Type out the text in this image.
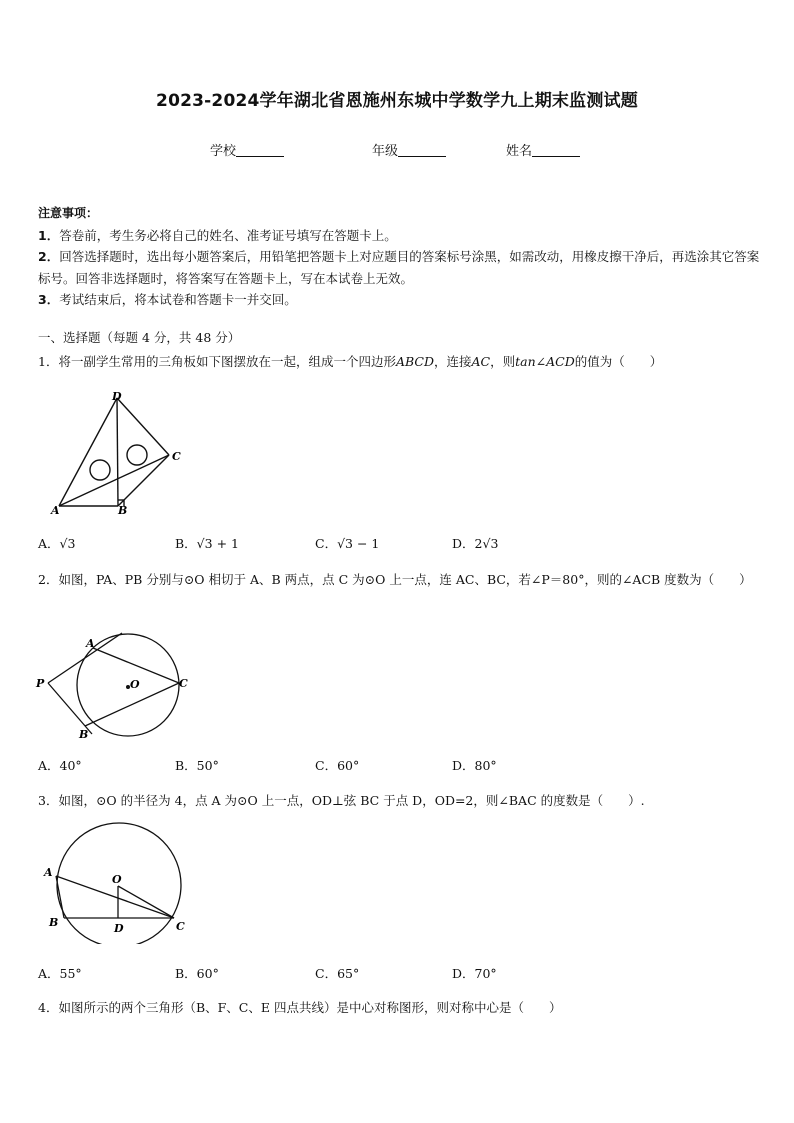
2023-2024学年湖北省恩施州东城中学数学九上期末监测试题
学校	年级	姓名

注意事项：

1．答卷前，考生务必将自己的姓名、准考证号填写在答题卡上。

2．回答选择题时，选出每小题答案后，用铅笔把答题卡上对应题目的答案标号涂黑，如需改动，用橡皮擦干净后，再选涂其它答案标号。回答非选择题时，将答案写在答题卡上，写在本试卷上无效。

3．考试结束后，将本试卷和答题卡一并交回。

一、选择题（每题 4 分，共 48 分）
1．将一副学生常用的三角板如下图摆放在一起，组成一个四边形ABCD，连接AC，则tan∠ACD的值为（　　）
D
C
A	B
A．√3	B．√3 + 1	C．√3 − 1	D．2√3
2．如图，PA、PB 分别与⊙O 相切于 A、B 两点，点 C 为⊙O 上一点，连 AC、BC，若∠P＝80°，则的∠ACB 度数为（　　）
A
P	O	C
B
A．40°	B．50°	C．60°	D．80°
3．如图，⊙O 的半径为 4，点 A 为⊙O 上一点，OD⊥弦 BC 于点 D，OD=2，则∠BAC 的度数是（　　）.
A
O
B	D	C
A．55°	B．60°	C．65°	D．70°
4．如图所示的两个三角形（B、F、C、E 四点共线）是中心对称图形，则对称中心是（　　）
